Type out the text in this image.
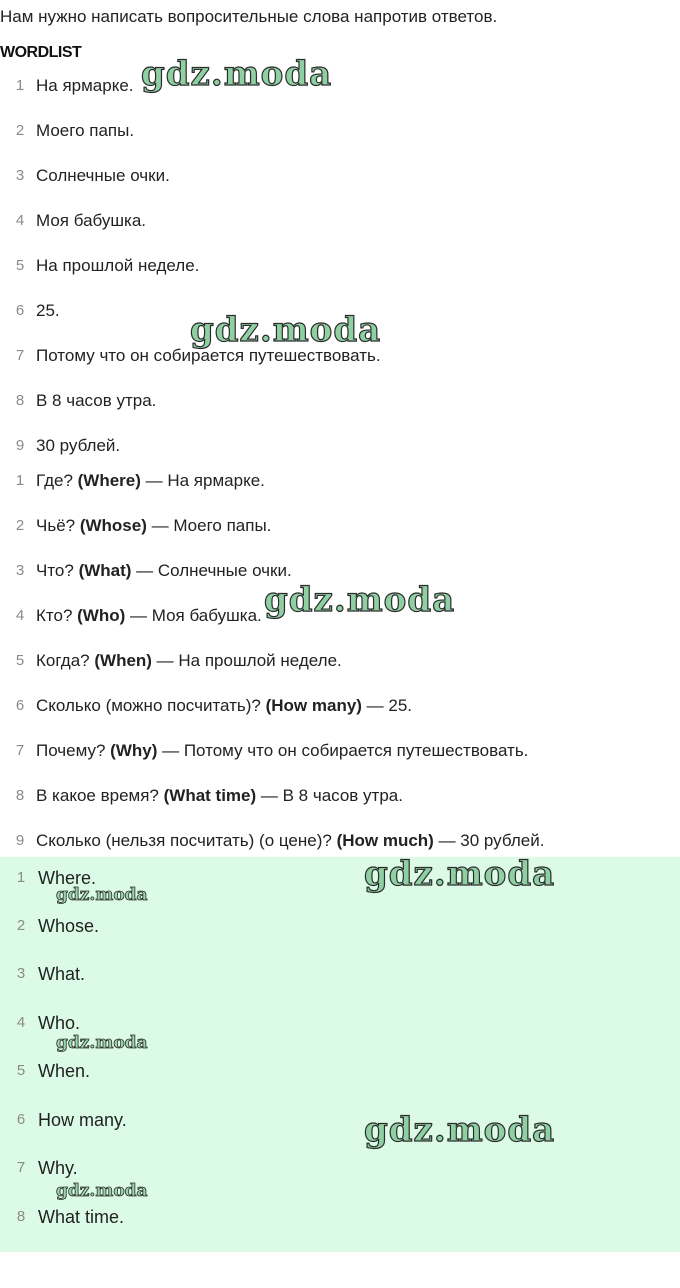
Нам нужно написать вопросительные слова напротив ответов.
WORDLIST
1 На ярмарке.
2 Моего папы.
3 Солнечные очки.
4 Моя бабушка.
5 На прошлой неделе.
6 25.
7 Потому что он собирается путешествовать.
8 В 8 часов утра.
9 30 рублей.
1 Где? (Where) — На ярмарке.
2 Чьё? (Whose) — Моего папы.
3 Что? (What) — Солнечные очки.
4 Кто? (Who) — Моя бабушка.
5 Когда? (When) — На прошлой неделе.
6 Сколько (можно посчитать)? (How many) — 25.
7 Почему? (Why) — Потому что он собирается путешествовать.
8 В какое время? (What time) — В 8 часов утра.
9 Сколько (нельзя посчитать) (о цене)? (How much) — 30 рублей.
1 Where.
2 Whose.
3 What.
4 Who.
5 When.
6 How many.
7 Why.
8 What time.
gdz.moda
gdz.moda
gdz.moda
gdz.moda
gdz.moda
gdz.moda
gdz.moda
gdz.moda
